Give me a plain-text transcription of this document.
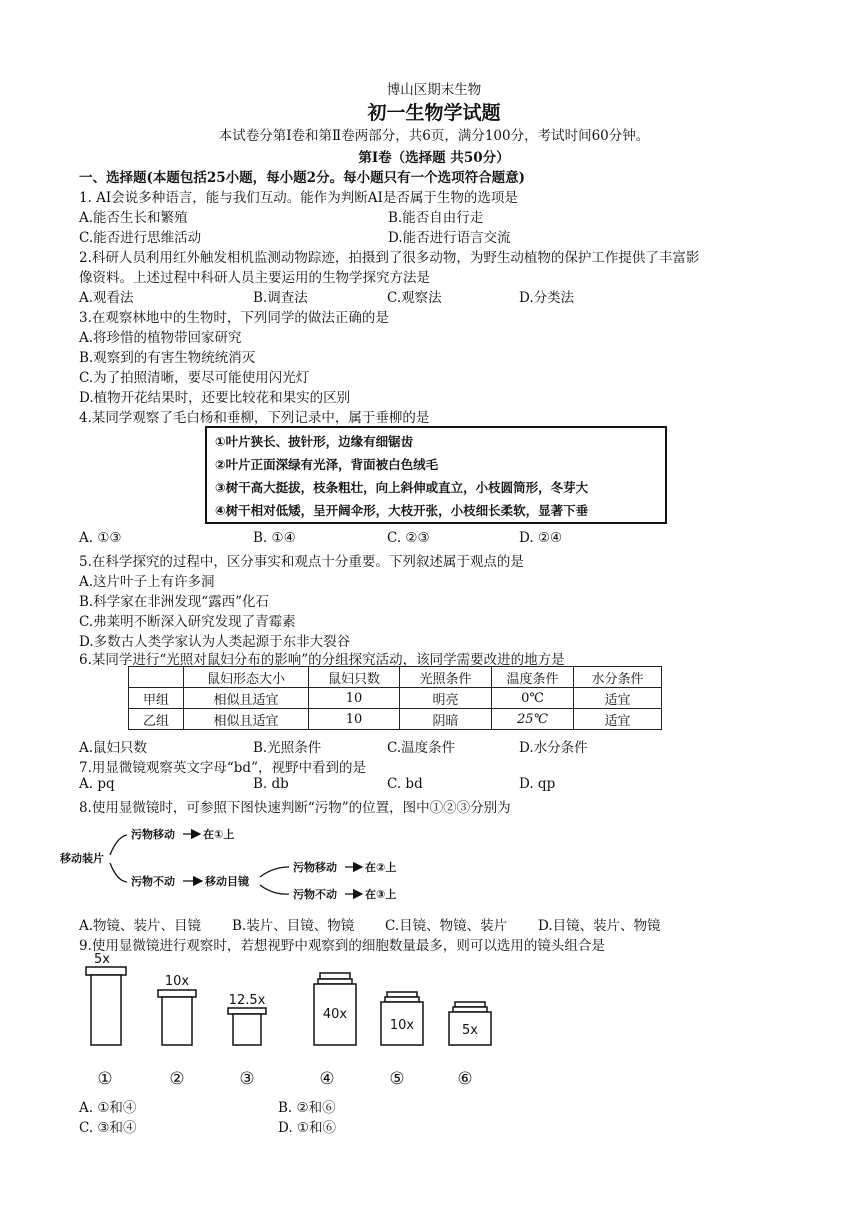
博山区期末生物
初一生物学试题
本试卷分第Ⅰ卷和第Ⅱ卷两部分，共6页，满分100分，考试时间60分钟。
第Ⅰ卷（选择题 共50分）
一、选择题(本题包括25小题，每小题2分。每小题只有一个选项符合题意)
1. AI会说多种语言，能与我们互动。能作为判断AI是否属于生物的选项是
A.能否生长和繁殖	B.能否自由行走
C.能否进行思维活动	D.能否进行语言交流
2.科研人员利用红外触发相机监测动物踪迹，拍摄到了很多动物，为野生动植物的保护工作提供了丰富影
像资料。上述过程中科研人员主要运用的生物学探究方法是
A.观看法	B.调查法	C.观察法	D.分类法
3.在观察林地中的生物时，下列同学的做法正确的是
A.将珍惜的植物带回家研究
B.观察到的有害生物统统消灭
C.为了拍照清晰，要尽可能使用闪光灯
D.植物开花结果时，还要比较花和果实的区别
4.某同学观察了毛白杨和垂柳，下列记录中，属于垂柳的是
①叶片狭长、披针形，边缘有细锯齿
②叶片正面深绿有光泽，背面被白色绒毛
③树干高大挺拔，枝条粗壮，向上斜伸或直立，小枝圆筒形，冬芽大
④树干相对低矮，呈开阔伞形，大枝开张，小枝细长柔软，显著下垂
A. ①③	B. ①④	C. ②③	D. ②④
5.在科学探究的过程中，区分事实和观点十分重要。下列叙述属于观点的是
A.这片叶子上有许多洞
B.科学家在非洲发现“露西”化石
C.弗莱明不断深入研究发现了青霉素
D.多数古人类学家认为人类起源于东非大裂谷
6.某同学进行“光照对鼠妇分布的影响”的分组探究活动，该同学需要改进的地方是
	鼠妇形态大小	鼠妇只数	光照条件	温度条件	水分条件
甲组	相似且适宜	10	明亮	0℃	适宜
乙组	相似且适宜	10	阴暗	25℃	适宜
A.鼠妇只数	B.光照条件	C.温度条件	D.水分条件
7.用显微镜观察英文字母“bd”，视野中看到的是
A. pq	B. db	C. bd	D. qp
8.使用显微镜时，可参照下图快速判断“污物”的位置，图中①②③分别为
移动装片
污物移动	在①上
污物不动	移动目镜
污物移动	在②上
污物不动	在③上
A.物镜、装片、目镜 B.装片、目镜、物镜 C.目镜、物镜、装片 D.目镜、装片、物镜
9.使用显微镜进行观察时，若想视野中观察到的细胞数量最多，则可以选用的镜头组合是
5x
10x
12.5x
40x
10x	5x
①	②	③	④	⑤	⑥
A. ①和④	B. ②和⑥
C. ③和④	D. ①和⑥
